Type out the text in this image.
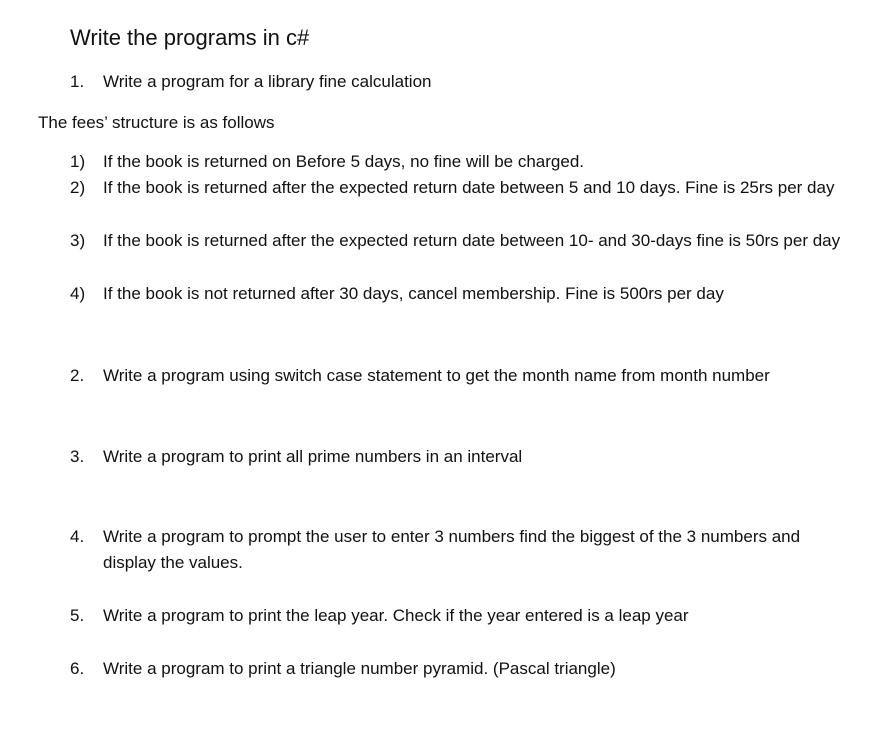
Write the programs in c#
1. Write a program for a library fine calculation
The fees’ structure is as follows
1) If the book is returned on Before 5 days, no fine will be charged.
2) If the book is returned after the expected return date between 5 and 10 days. Fine is 25rs per day
3) If the book is returned after the expected return date between 10- and 30-days fine is 50rs per day
4) If the book is not returned after 30 days, cancel membership. Fine is 500rs per day
2. Write a program using switch case statement to get the month name from month number
3. Write a program to print all prime numbers in an interval
4. Write a program to prompt the user to enter 3 numbers find the biggest of the 3 numbers and display the values.
5. Write a program to print the leap year. Check if the year entered is a leap year
6. Write a program to print a triangle number pyramid. (Pascal triangle)
